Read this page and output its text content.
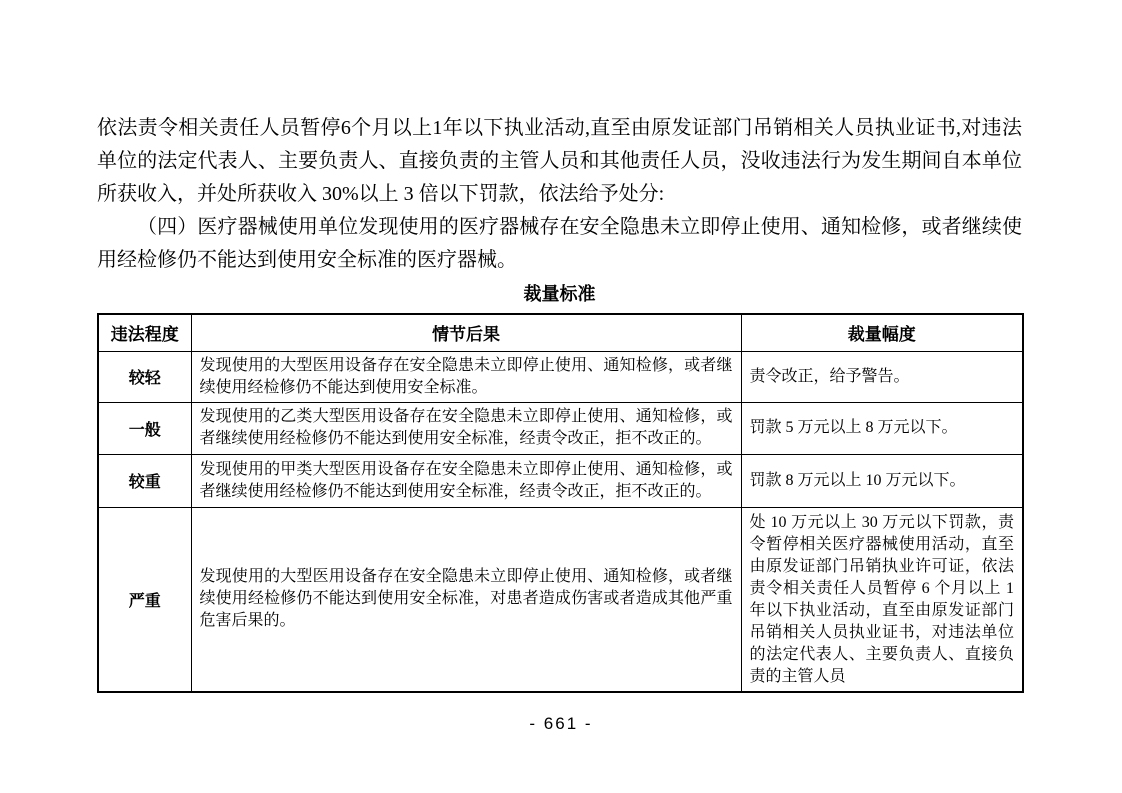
依法责令相关责任人员暂停6个月以上1年以下执业活动,直至由原发证部门吊销相关人员执业证书,对违法单位的法定代表人、主要负责人、直接负责的主管人员和其他责任人员，没收违法行为发生期间自本单位所获收入，并处所获收入 30%以上 3 倍以下罚款，依法给予处分:

（四）医疗器械使用单位发现使用的医疗器械存在安全隐患未立即停止使用、通知检修，或者继续使用经检修仍不能达到使用安全标准的医疗器械。

裁量标准
违法程度	情节后果	裁量幅度
较轻	发现使用的大型医用设备存在安全隐患未立即停止使用、通知检修，或者继续使用经检修仍不能达到使用安全标准。	责令改正，给予警告。
一般	发现使用的乙类大型医用设备存在安全隐患未立即停止使用、通知检修，或者继续使用经检修仍不能达到使用安全标准，经责令改正，拒不改正的。	罚款 5 万元以上 8 万元以下。
较重	发现使用的甲类大型医用设备存在安全隐患未立即停止使用、通知检修，或者继续使用经检修仍不能达到使用安全标准，经责令改正，拒不改正的。	罚款 8 万元以上 10 万元以下。
严重	发现使用的大型医用设备存在安全隐患未立即停止使用、通知检修，或者继续使用经检修仍不能达到使用安全标准，对患者造成伤害或者造成其他严重危害后果的。	处 10 万元以上 30 万元以下罚款，责令暂停相关医疗器械使用活动，直至由原发证部门吊销执业许可证，依法责令相关责任人员暂停 6 个月以上 1 年以下执业活动，直至由原发证部门吊销相关人员执业证书，对违法单位的法定代表人、主要负责人、直接负责的主管人员
- 661 -
